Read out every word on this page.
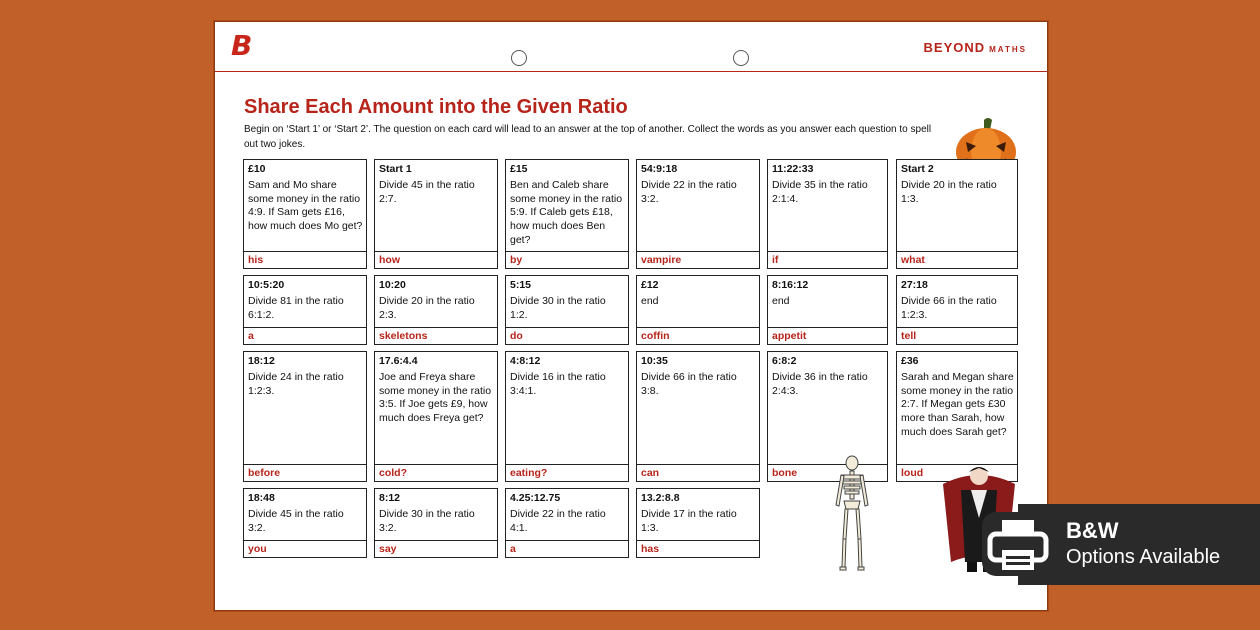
B	BEYOND MATHS
Share Each Amount into the Given Ratio
Begin on ‘Start 1’ or ‘Start 2’. The question on each card will lead to an answer at the top of another. Collect the words as you answer each question to spell out two jokes.
£10
Sam and Mo share some money in the ratio 4:9. If Sam gets £16, how much does Mo get?
his
Start 1
Divide 45 in the ratio 2:7.
how
£15
Ben and Caleb share some money in the ratio 5:9. If Caleb gets £18, how much does Ben get?
by
54:9:18
Divide 22 in the ratio 3:2.
vampire
11:22:33
Divide 35 in the ratio 2:1:4.
if
Start 2
Divide 20 in the ratio 1:3.
what
10:5:20
Divide 81 in the ratio 6:1:2.
a
10:20
Divide 20 in the ratio 2:3.
skeletons
5:15
Divide 30 in the ratio 1:2.
do
£12
end
coffin
8:16:12
end
appetit
27:18
Divide 66 in the ratio 1:2:3.
tell
18:12
Divide 24 in the ratio 1:2:3.
before
17.6:4.4
Joe and Freya share some money in the ratio 3:5. If Joe gets £9, how much does Freya get?
cold?
4:8:12
Divide 16 in the ratio 3:4:1.
eating?
10:35
Divide 66 in the ratio 3:8.
can
6:8:2
Divide 36 in the ratio 2:4:3.
bone
£36
Sarah and Megan share some money in the ratio 2:7. If Megan gets £30 more than Sarah, how much does Sarah get?
loud
18:48
Divide 45 in the ratio 3:2.
you
8:12
Divide 30 in the ratio 3:2.
say
4.25:12.75
Divide 22 in the ratio 4:1.
a
13.2:8.8
Divide 17 in the ratio 1:3.
has
B&W
Options Available
